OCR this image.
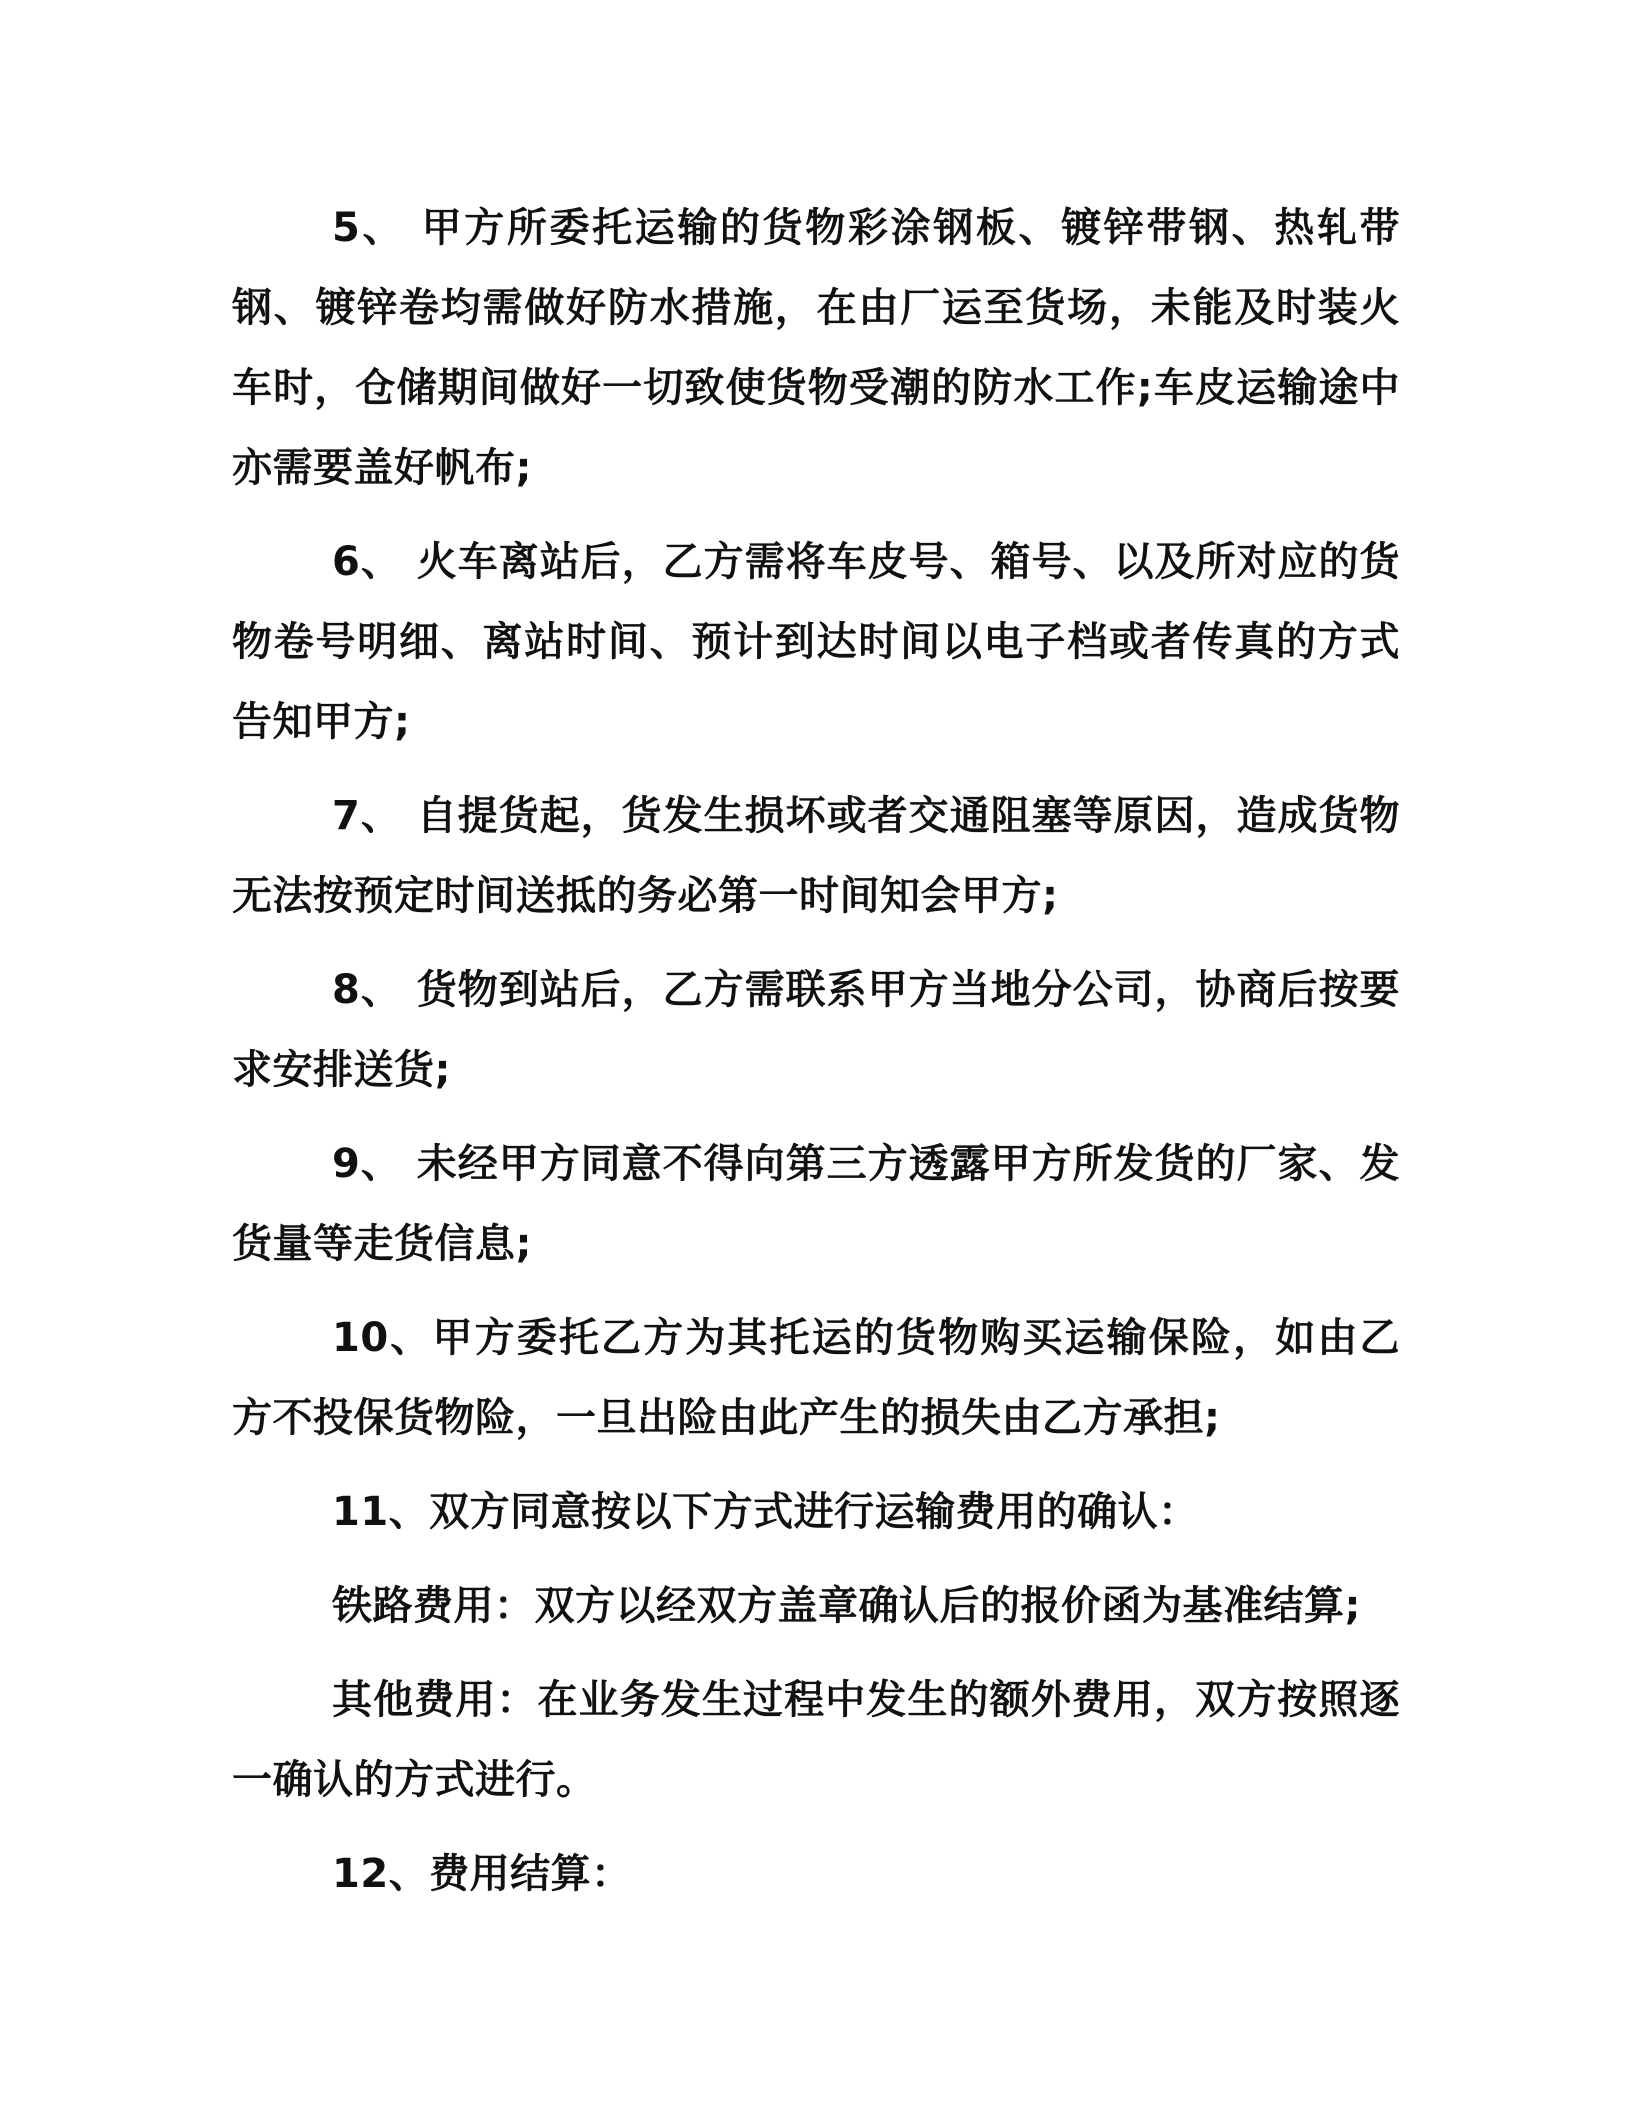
5、 甲方所委托运输的货物彩涂钢板、镀锌带钢、热轧带钢、镀锌卷均需做好防水措施，在由厂运至货场，未能及时装火车时，仓储期间做好一切致使货物受潮的防水工作;车皮运输途中亦需要盖好帆布;

6、 火车离站后，乙方需将车皮号、箱号、以及所对应的货物卷号明细、离站时间、预计到达时间以电子档或者传真的方式告知甲方;

7、 自提货起，货发生损坏或者交通阻塞等原因，造成货物无法按预定时间送抵的务必第一时间知会甲方;

8、 货物到站后，乙方需联系甲方当地分公司，协商后按要求安排送货;

9、 未经甲方同意不得向第三方透露甲方所发货的厂家、发货量等走货信息;

10、甲方委托乙方为其托运的货物购买运输保险，如由乙方不投保货物险，一旦出险由此产生的损失由乙方承担;

11、双方同意按以下方式进行运输费用的确认：

铁路费用：双方以经双方盖章确认后的报价函为基准结算;

其他费用：在业务发生过程中发生的额外费用，双方按照逐一确认的方式进行。

12、费用结算：
